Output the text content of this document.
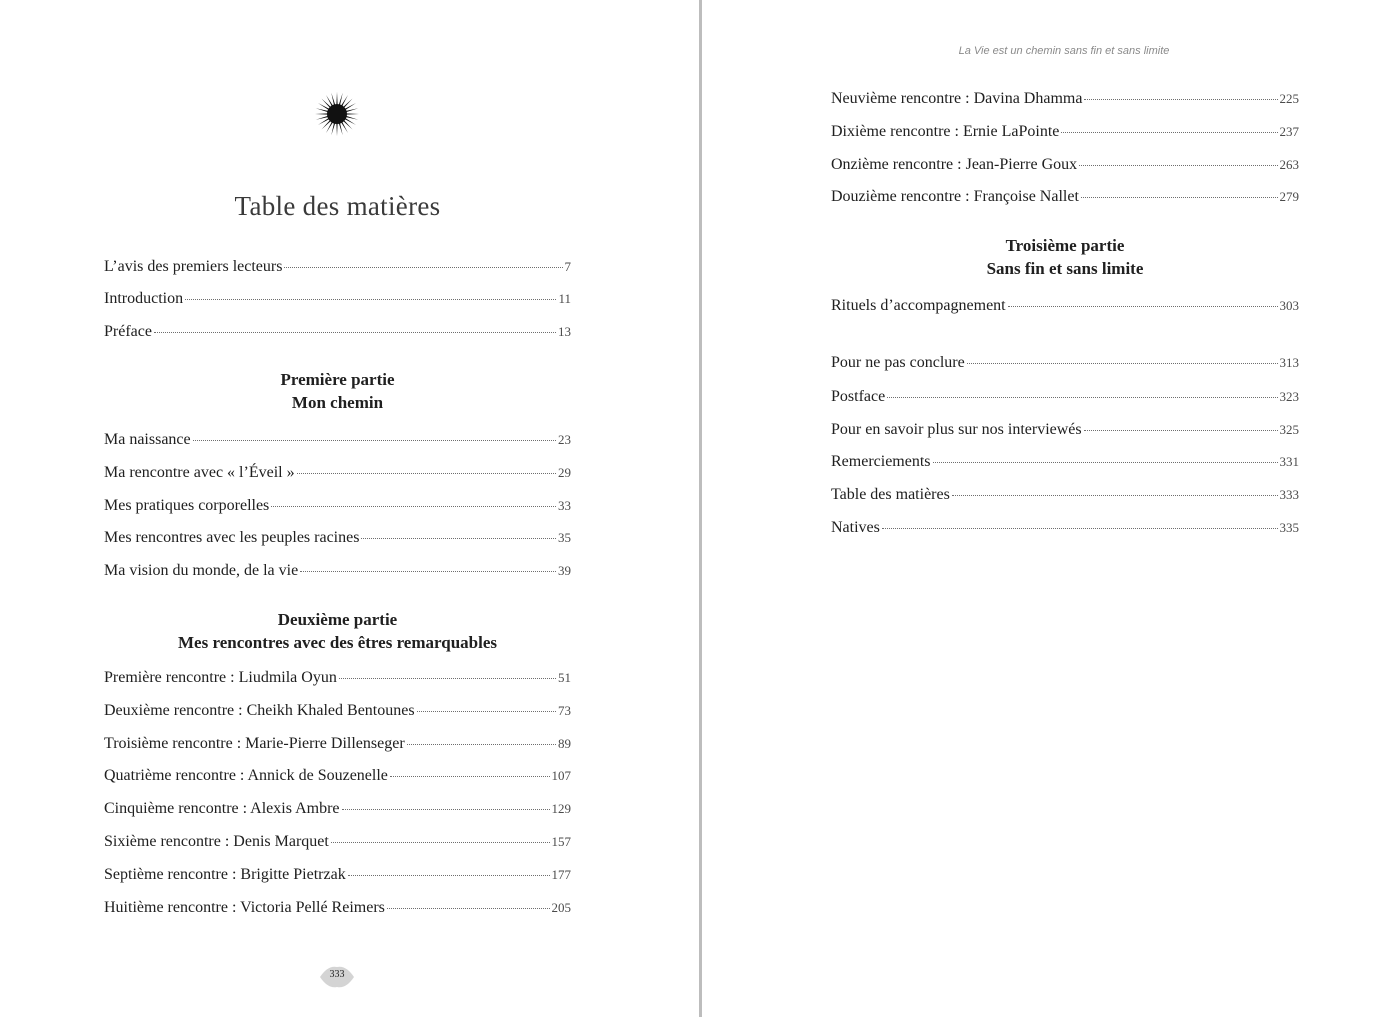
Table des matières
L’avis des premiers lecteurs	7
Introduction	11
Préface	13
Première partie
Mon chemin
Ma naissance	23
Ma rencontre avec « l’Éveil »	29
Mes pratiques corporelles	33
Mes rencontres avec les peuples racines	35
Ma vision du monde, de la vie	39
Deuxième partie
Mes rencontres avec des êtres remarquables
Première rencontre : Liudmila Oyun	51
Deuxième rencontre : Cheikh Khaled Bentounes	73
Troisième rencontre : Marie-Pierre Dillenseger	89
Quatrième rencontre : Annick de Souzenelle	107
Cinquième rencontre : Alexis Ambre	129
Sixième rencontre : Denis Marquet	157
Septième rencontre : Brigitte Pietrzak	177
Huitième rencontre : Victoria Pellé Reimers	205
333
La Vie est un chemin sans fin et sans limite
Neuvième rencontre : Davina Dhamma	225
Dixième rencontre : Ernie LaPointe	237
Onzième rencontre : Jean-Pierre Goux	263
Douzième rencontre : Françoise Nallet	279
Troisième partie
Sans fin et sans limite
Rituels d’accompagnement	303
Pour ne pas conclure	313
Postface	323
Pour en savoir plus sur nos interviewés	325
Remerciements	331
Table des matières	333
Natives	335
